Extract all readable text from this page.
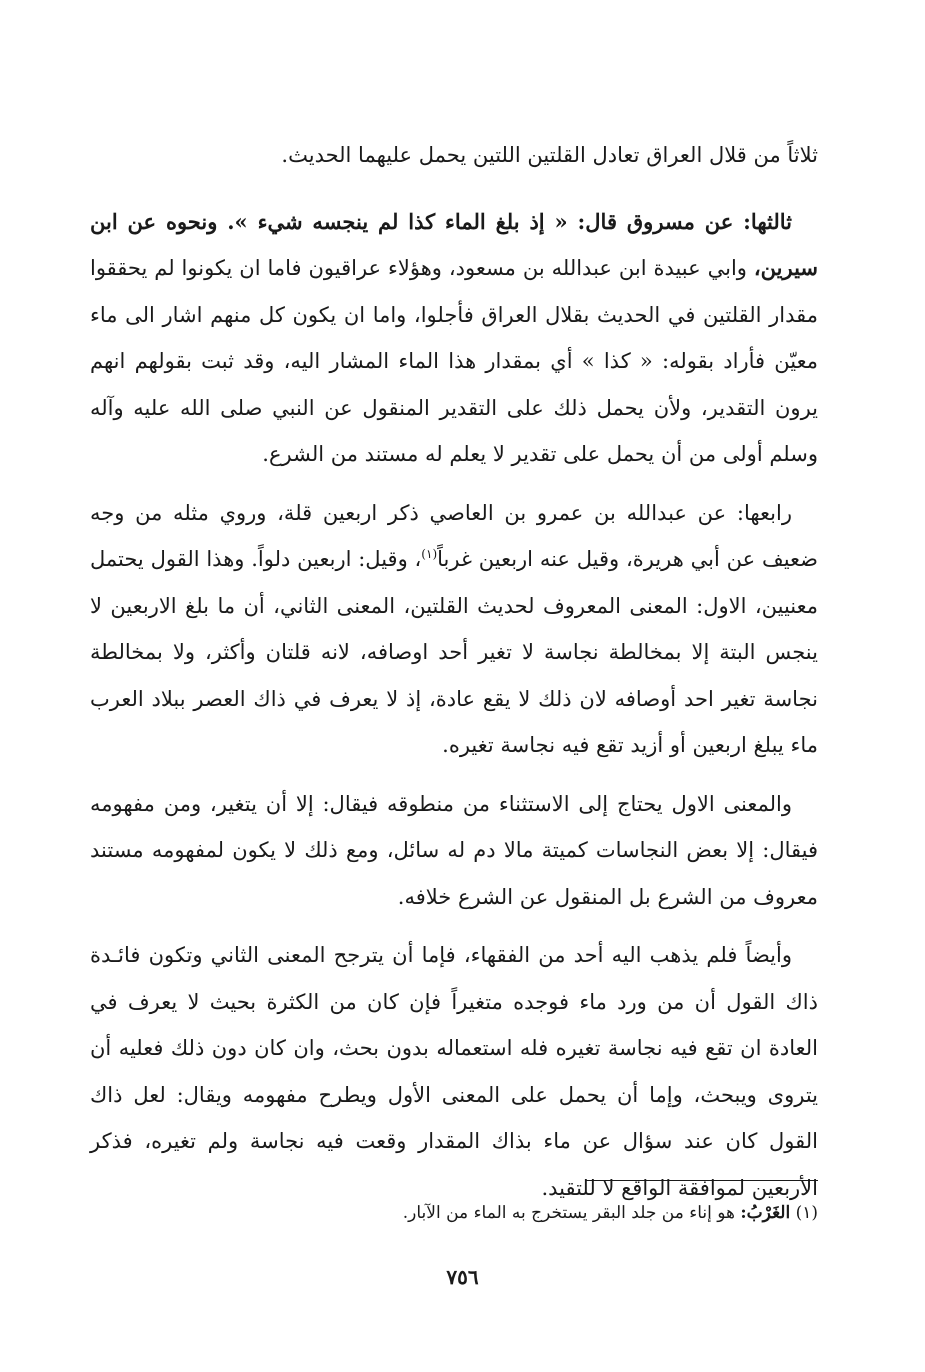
ثلاثاً من قلال العراق تعادل القلتين اللتين يحمل عليهما الحديث.

ثالثها: عن مسروق قال: « إذ بلغ الماء كذا لم ينجسه شيء ». ونحوه عن ابن سيرين، وابي عبيدة ابن عبدالله بن مسعود، وهؤلاء عراقيون فاما ان يكونوا لم يحققوا مقدار القلتين في الحديث بقلال العراق فأجلوا، واما ان يكون كل منهم اشار الى ماء معيّن فأراد بقوله: « كذا » أي بمقدار هذا الماء المشار اليه، وقد ثبت بقولهم انهم يرون التقدير، ولأن يحمل ذلك على التقدير المنقول عن النبي صلى الله عليه وآله وسلم أولى من أن يحمل على تقدير لا يعلم له مستند من الشرع.

رابعها: عن عبدالله بن عمرو بن العاصي ذكر اربعين قلة، وروي مثله من وجه ضعيف عن أبي هريرة، وقيل عنه اربعين غرباً$^{(١)}$، وقيل: اربعين دلواً. وهذا القول يحتمل معنيين، الاول: المعنى المعروف لحديث القلتين، المعنى الثاني، أن ما بلغ الاربعين لا ينجس البتة إلا بمخالطة نجاسة لا تغير أحد اوصافه، لانه قلتان وأكثر، ولا بمخالطة نجاسة تغير احد أوصافه لان ذلك لا يقع عادة، إذ لا يعرف في ذاك العصر ببلاد العرب ماء يبلغ اربعين أو أزيد تقع فيه نجاسة تغيره.

والمعنى الاول يحتاج إلى الاستثناء من منطوقه فيقال: إلا أن يتغير، ومن مفهومه فيقال: إلا بعض النجاسات كميتة مالا دم له سائل، ومع ذلك لا يكون لمفهومه مستند معروف من الشرع بل المنقول عن الشرع خلافه.

وأيضاً فلم يذهب اليه أحد من الفقهاء، فإما أن يترجح المعنى الثاني وتكون فائـدة ذاك القول أن من ورد ماء فوجده متغيراً فإن كان من الكثرة بحيث لا يعرف في العادة ان تقع فيه نجاسة تغيره فله استعماله بدون بحث، وان كان دون ذلك فعليه أن يتروى ويبحث، وإما أن يحمل على المعنى الأول ويطرح مفهومه ويقال: لعل ذاك القول كان عند سؤال عن ماء بذاك المقدار وقعت فيه نجاسة ولم تغيره، فذكر الأربعين لموافقة الواقع لا للتقيد.

(١) الغَرْبُ: هو إناء من جلد البقر يستخرج به الماء من الآبار.
٧٥٦
